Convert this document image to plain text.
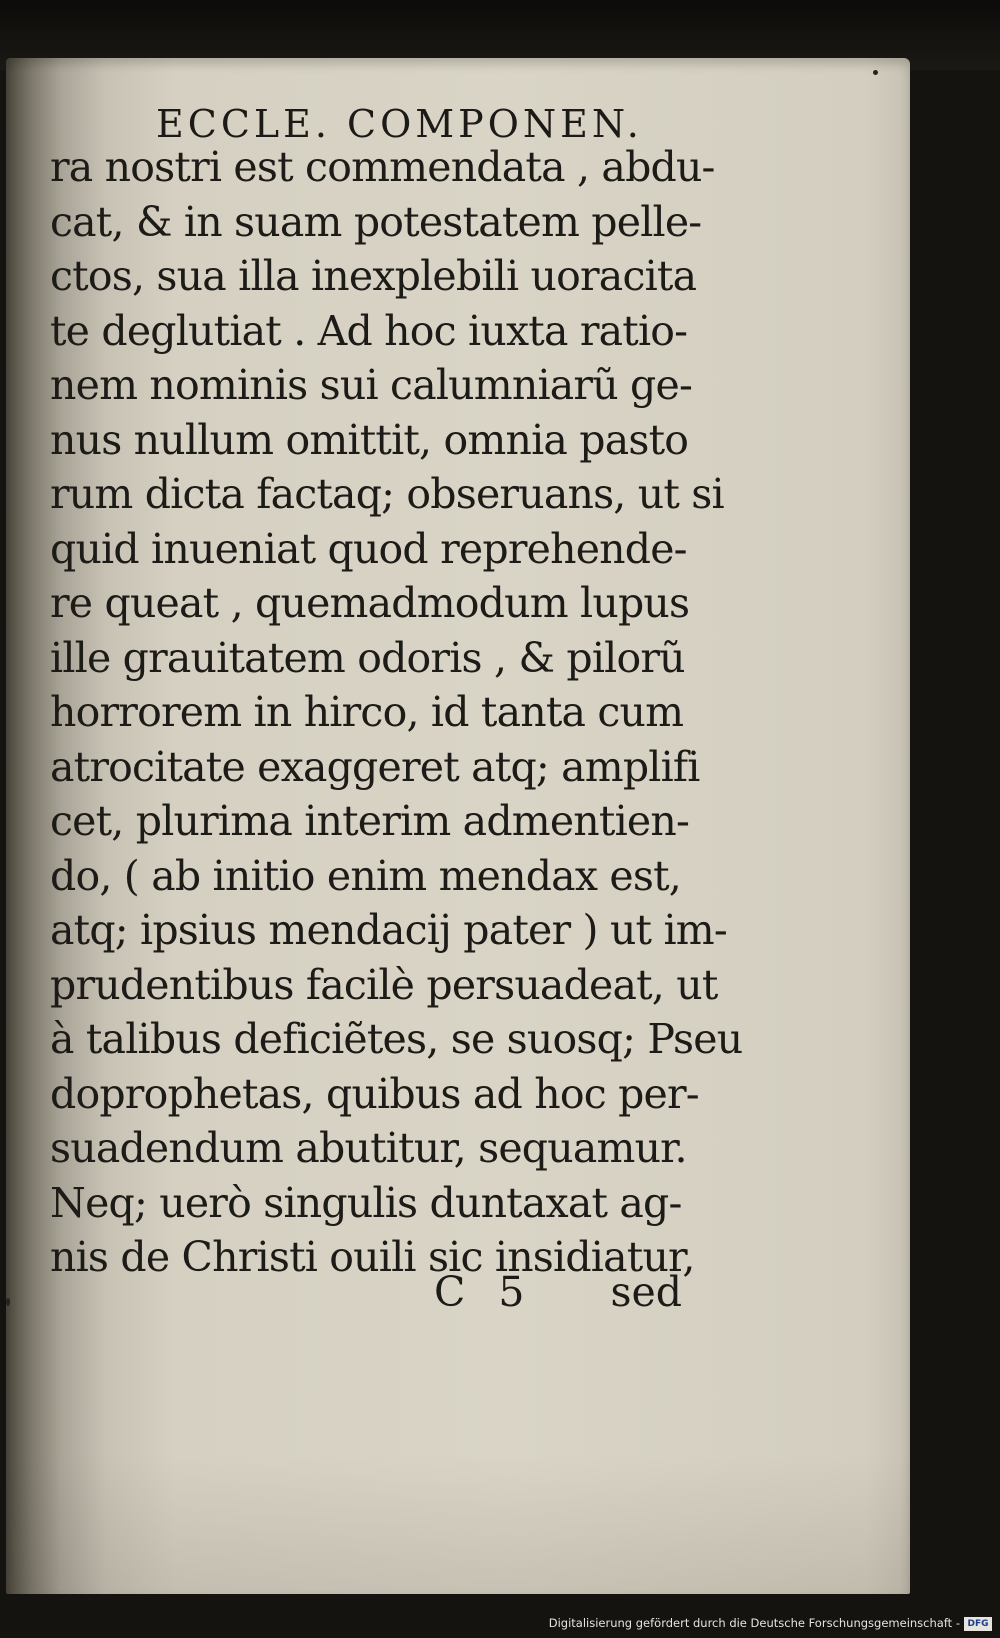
ECCLE. COMPONEN.
ra nostri est commendata , abdu-
cat, & in suam potestatem pelle-
ctos, sua illa inexplebili uoracita
te deglutiat . Ad hoc iuxta ratio-
nem nominis sui calumniarũ ge-
nus nullum omittit, omnia pasto
rum dicta factaq; obseruans, ut si
quid inueniat quod reprehende-
re queat , quemadmodum lupus
ille grauitatem odoris , & pilorũ
horrorem in hirco, id tanta cum
atrocitate exaggeret atq; amplifi
cet, plurima interim admentien-
do, ( ab initio enim mendax est,
atq; ipsius mendacij pater ) ut im-
prudentibus facilè persuadeat, ut
à talibus deficiẽtes, se suosq; Pseu
doprophetas, quibus ad hoc per-
suadendum abutitur, sequamur.
Neq; uerò singulis duntaxat ag-
nis de Christi ouili sic insidiatur,
C 5 sed
Digitalisierung gefördert durch die Deutsche Forschungsgemeinschaft - DFG
